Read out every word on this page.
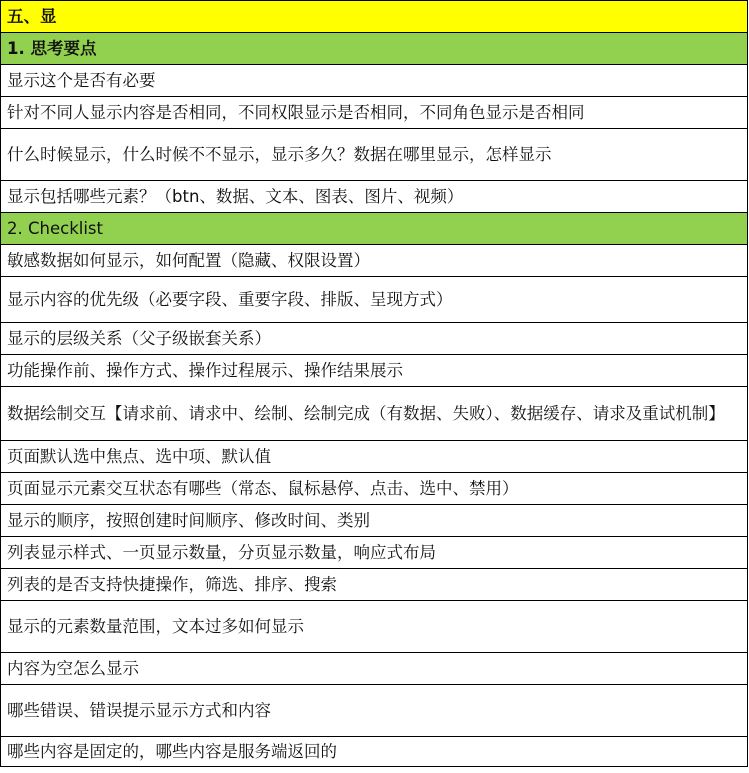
五、显
1. 思考要点
显示这个是否有必要
针对不同人显示内容是否相同，不同权限显示是否相同，不同角色显示是否相同
什么时候显示，什么时候不不显示，显示多久？数据在哪里显示，怎样显示
显示包括哪些元素？（btn、数据、文本、图表、图片、视频）
2. Checklist
敏感数据如何显示，如何配置（隐藏、权限设置）
显示内容的优先级（必要字段、重要字段、排版、呈现方式）
显示的层级关系（父子级嵌套关系）
功能操作前、操作方式、操作过程展示、操作结果展示
数据绘制交互【请求前、请求中、绘制、绘制完成（有数据、失败）、数据缓存、请求及重试机制】
页面默认选中焦点、选中项、默认值
页面显示元素交互状态有哪些（常态、鼠标悬停、点击、选中、禁用）
显示的顺序，按照创建时间顺序、修改时间、类别
列表显示样式、一页显示数量，分页显示数量，响应式布局
列表的是否支持快捷操作，筛选、排序、搜索
显示的元素数量范围，文本过多如何显示
内容为空怎么显示
哪些错误、错误提示显示方式和内容
哪些内容是固定的，哪些内容是服务端返回的
